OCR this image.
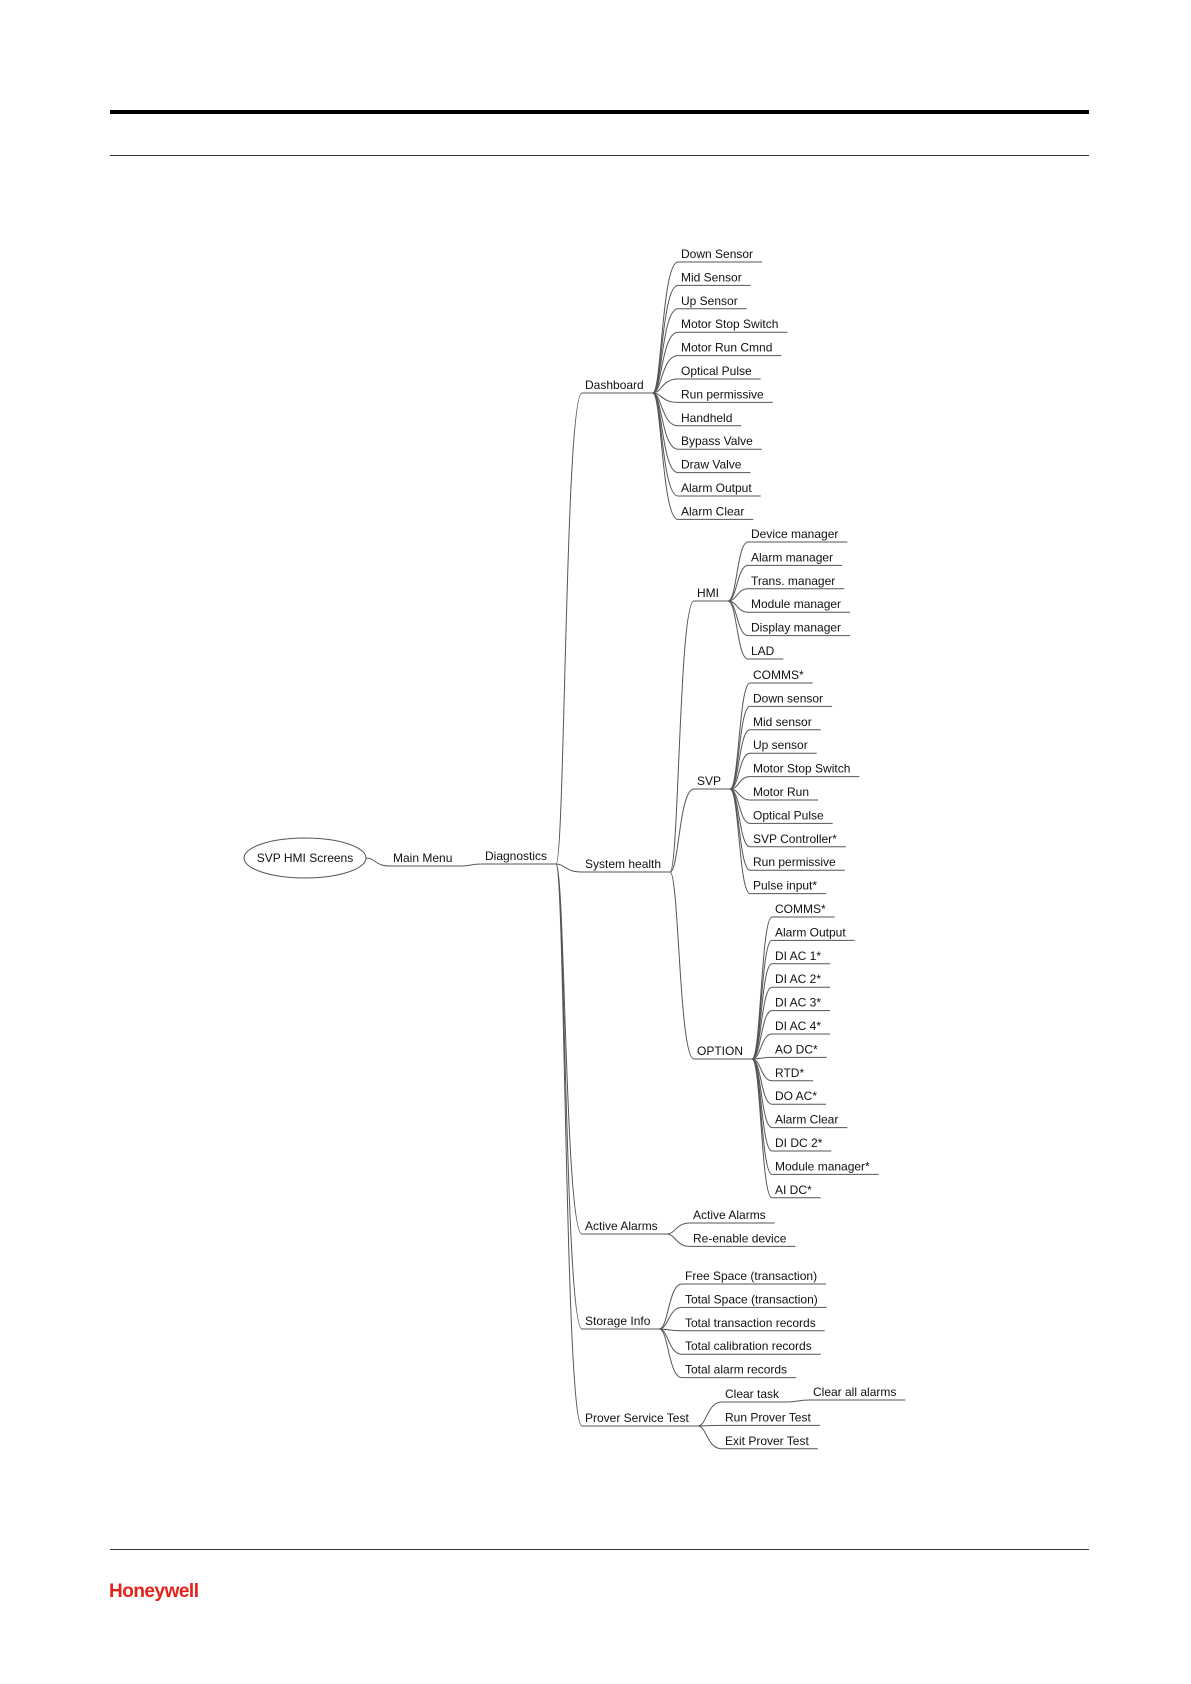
SVP HMI Screens	Main Menu	Diagnostics
Dashboard
System health
Active Alarms
Storage Info
Prover Service Test
Down Sensor
Mid Sensor
Up Sensor
Motor Stop Switch
Motor Run Cmnd
Optical Pulse
Run permissive
Handheld
Bypass Valve
Draw Valve
Alarm Output
Alarm Clear
HMI
Device manager
Alarm manager
Trans. manager
Module manager
Display manager
LAD
SVP
COMMS*
Down sensor
Mid sensor
Up sensor
Motor Stop Switch
Motor Run
Optical Pulse
SVP Controller*
Run permissive
Pulse input*
OPTION
COMMS*
Alarm Output
DI AC 1*
DI AC 2*
DI AC 3*
DI AC 4*
AO DC*
RTD*
DO AC*
Alarm Clear
DI DC 2*
Module manager*
AI DC*
Active Alarms
Re-enable device
Free Space (transaction)
Total Space (transaction)
Total transaction records
Total calibration records
Total alarm records
Clear task
Run Prover Test
Exit Prover Test
Clear all alarms
Honeywell
